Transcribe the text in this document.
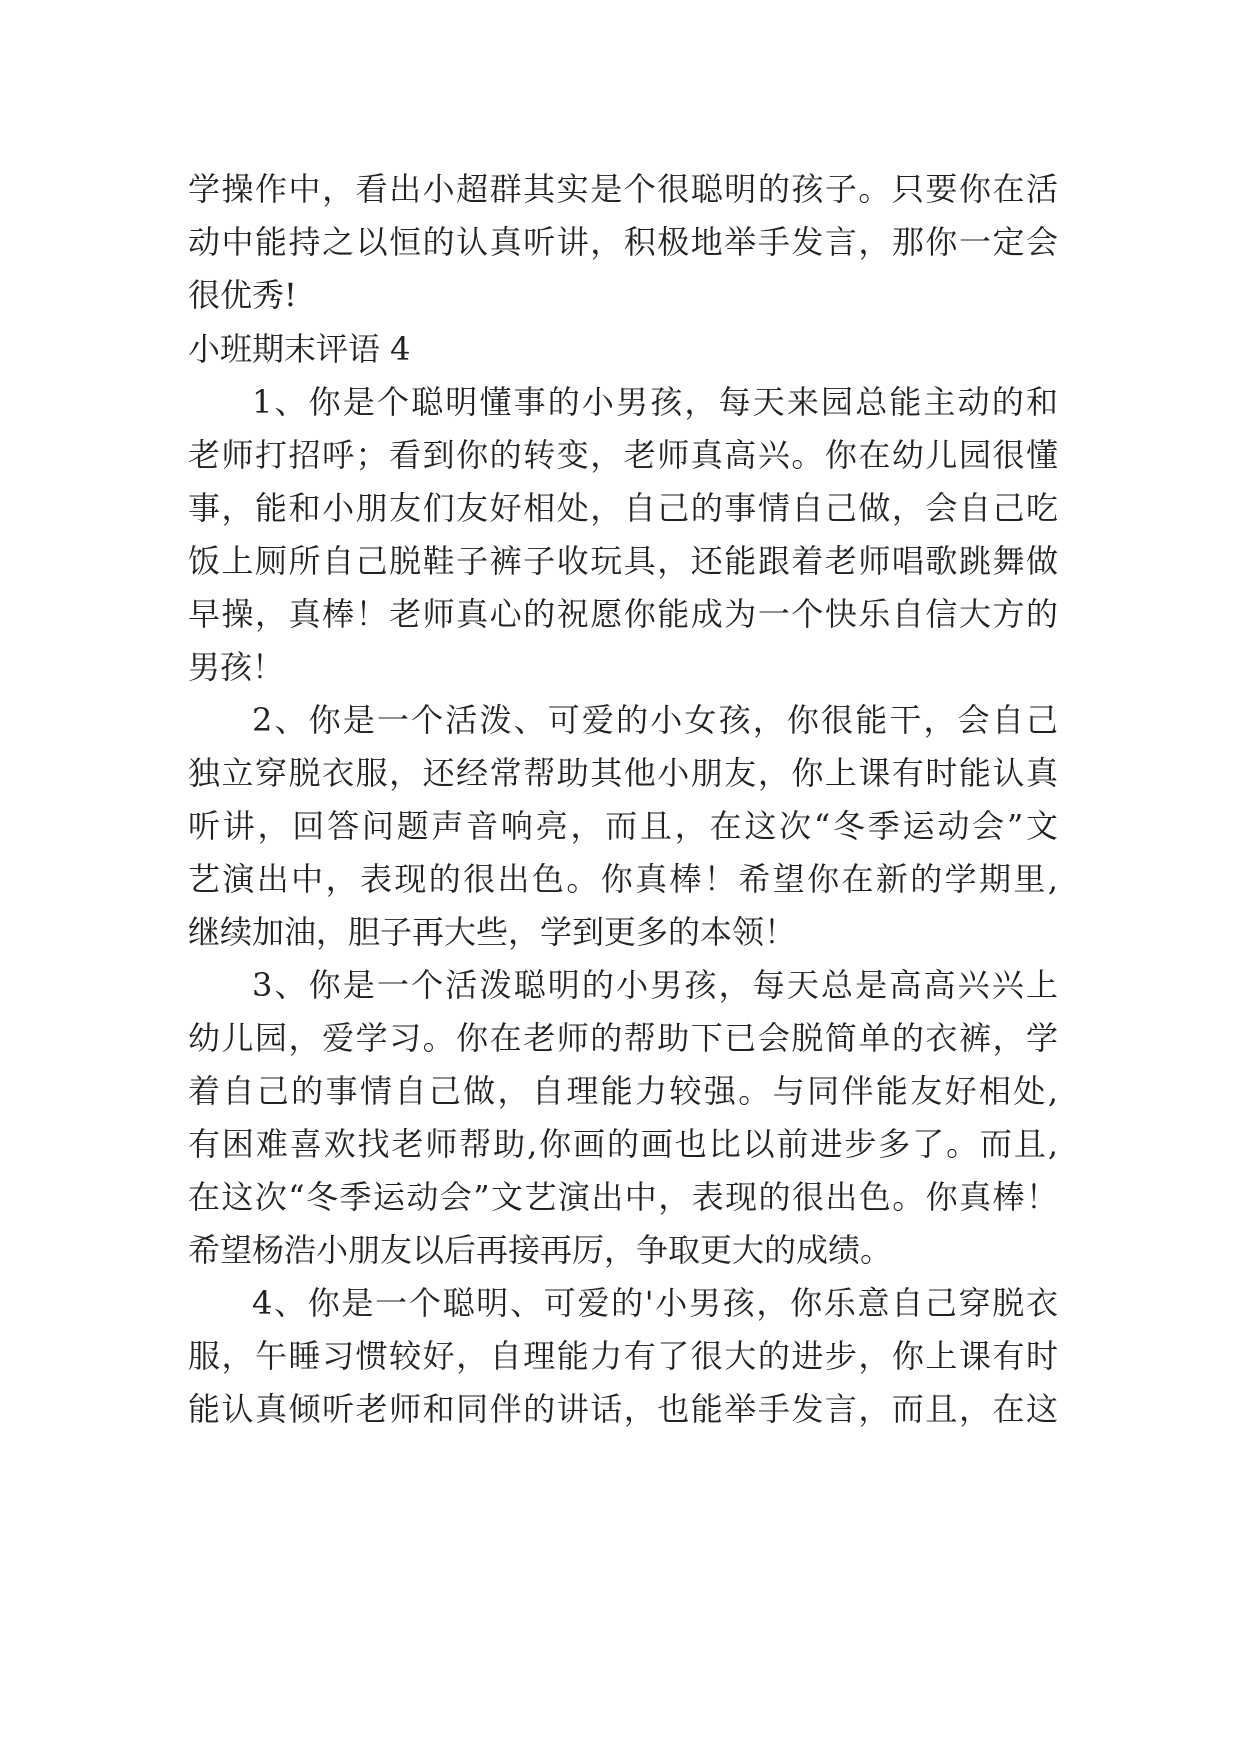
学操作中，看出小超群其实是个很聪明的孩子。只要你在活
动中能持之以恒的认真听讲，积极地举手发言，那你一定会
很优秀!
小班期末评语 4
1、你是个聪明懂事的小男孩，每天来园总能主动的和
老师打招呼；看到你的转变，老师真高兴。你在幼儿园很懂
事，能和小朋友们友好相处，自己的事情自己做，会自己吃
饭上厕所自己脱鞋子裤子收玩具，还能跟着老师唱歌跳舞做
早操，真棒！老师真心的祝愿你能成为一个快乐自信大方的
男孩！
2、你是一个活泼、可爱的小女孩，你很能干，会自己
独立穿脱衣服，还经常帮助其他小朋友，你上课有时能认真
听讲，回答问题声音响亮，而且，在这次“冬季运动会”文
艺演出中，表现的很出色。你真棒！希望你在新的学期里,
继续加油，胆子再大些，学到更多的本领！
3、你是一个活泼聪明的小男孩，每天总是高高兴兴上
幼儿园，爱学习。你在老师的帮助下已会脱简单的衣裤，学
着自己的事情自己做，自理能力较强。与同伴能友好相处,
有困难喜欢找老师帮助,你画的画也比以前进步多了。而且,
在这次“冬季运动会”文艺演出中，表现的很出色。你真棒！
希望杨浩小朋友以后再接再厉，争取更大的成绩。
4、你是一个聪明、可爱的'小男孩，你乐意自己穿脱衣
服，午睡习惯较好，自理能力有了很大的进步，你上课有时
能认真倾听老师和同伴的讲话，也能举手发言，而且，在这
